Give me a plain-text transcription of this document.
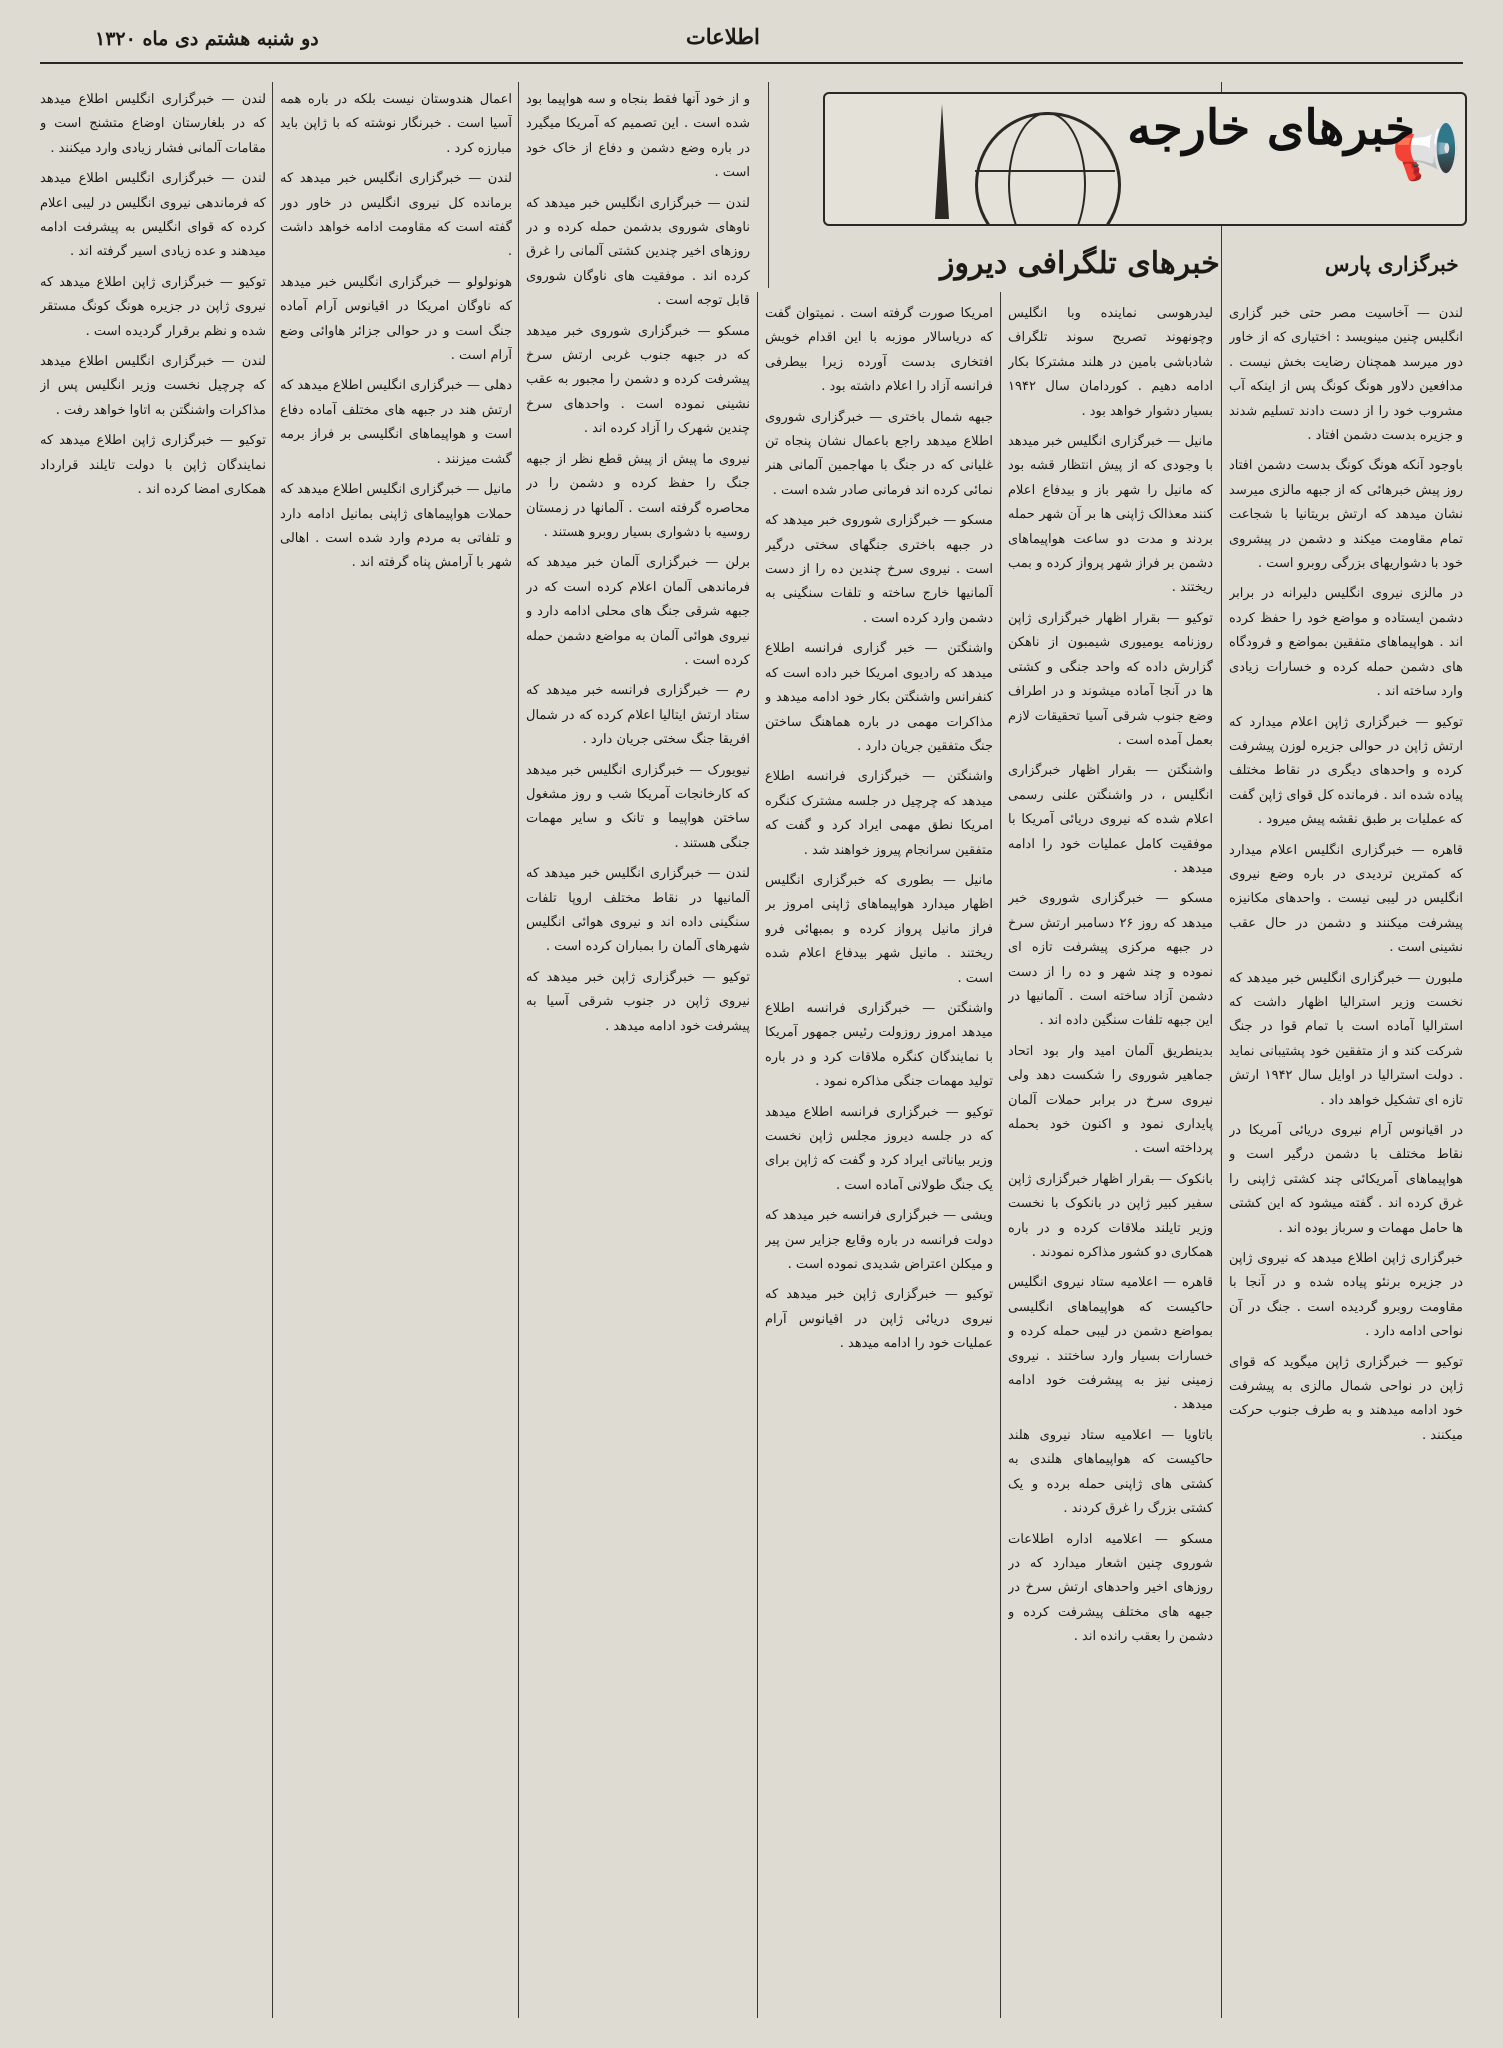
دو شنبه هشتم دی ماه ۱۳۲۰	اطلاعات
📢
خبرهای خارجه
خبرهای تلگرافی دیروز	خبرگزاری پارس

لندن — آخاسیت مصر حتی خبر گزاری انگلیس چنین مینویسد : اختیاری که از خاور دور میرسد همچنان رضایت بخش نیست . مدافعین دلاور هونگ کونگ پس از اینکه آب مشروب خود را از دست دادند تسلیم شدند و جزیره بدست دشمن افتاد .

باوجود آنکه هونگ کونگ بدست دشمن افتاد روز پیش خبرهائی که از جبهه مالزی میرسد نشان میدهد که ارتش بریتانیا با شجاعت تمام مقاومت میکند و دشمن در پیشروی خود با دشواریهای بزرگی روبرو است .

در مالزی نیروی انگلیس دلیرانه در برابر دشمن ایستاده و مواضع خود را حفظ کرده اند . هواپیماهای متفقین بمواضع و فرودگاه های دشمن حمله کرده و خسارات زیادی وارد ساخته اند .

توکیو — خبرگزاری ژاپن اعلام میدارد که ارتش ژاپن در حوالی جزیره لوزن پیشرفت کرده و واحدهای دیگری در نقاط مختلف پیاده شده اند . فرمانده کل قوای ژاپن گفت که عملیات بر طبق نقشه پیش میرود .

قاهره — خبرگزاری انگلیس اعلام میدارد که کمترین تردیدی در باره وضع نیروی انگلیس در لیبی نیست . واحدهای مکانیزه پیشرفت میکنند و دشمن در حال عقب نشینی است .

ملبورن — خبرگزاری انگلیس خبر میدهد که نخست وزیر استرالیا اظهار داشت که استرالیا آماده است با تمام قوا در جنگ شرکت کند و از متفقین خود پشتیبانی نماید . دولت استرالیا در اوایل سال ۱۹۴۲ ارتش تازه ای تشکیل خواهد داد .

در اقیانوس آرام نیروی دریائی آمریکا در نقاط مختلف با دشمن درگیر است و هواپیماهای آمریکائی چند کشتی ژاپنی را غرق کرده اند . گفته میشود که این کشتی ها حامل مهمات و سرباز بوده اند .

خبرگزاری ژاپن اطلاع میدهد که نیروی ژاپن در جزیره برنئو پیاده شده و در آنجا با مقاومت روبرو گردیده است . جنگ در آن نواحی ادامه دارد .

توکیو — خبرگزاری ژاپن میگوید که قوای ژاپن در نواحی شمال مالزی به پیشرفت خود ادامه میدهند و به طرف جنوب حرکت میکنند .

لیدرهوسی نماینده وبا انگلیس وچونهوند تصریح سوند تلگراف شادباشی بامین در هلند مشترکا بکار ادامه دهیم . کوردامان سال ۱۹۴۲ بسیار دشوار خواهد بود .

مانیل — خبرگزاری انگلیس خبر میدهد با وجودی که از پیش انتظار قشه بود که مانیل را شهر باز و بیدفاع اعلام کنند معذالک ژاپنی ها بر آن شهر حمله بردند و مدت دو ساعت هواپیماهای دشمن بر فراز شهر پرواز کرده و بمب ریختند .

توکیو — بقرار اظهار خبرگزاری ژاپن روزنامه یومیوری شیمبون از ناهکن گزارش داده که واحد جنگی و کشتی ها در آنجا آماده میشوند و در اطراف وضع جنوب شرقی آسیا تحقیقات لازم بعمل آمده است .

واشنگتن — بقرار اظهار خبرگزاری انگلیس ، در واشنگتن علنی رسمی اعلام شده که نیروی دریائی آمریکا با موفقیت کامل عملیات خود را ادامه میدهد .

مسکو — خبرگزاری شوروی خبر میدهد که روز ۲۶ دسامبر ارتش سرخ در جبهه مرکزی پیشرفت تازه ای نموده و چند شهر و ده را از دست دشمن آزاد ساخته است . آلمانیها در این جبهه تلفات سنگین داده اند .

بدینطریق آلمان امید وار بود اتحاد جماهیر شوروی را شکست دهد ولی نیروی سرخ در برابر حملات آلمان پایداری نمود و اکنون خود بحمله پرداخته است .

بانکوک — بقرار اظهار خبرگزاری ژاپن سفیر کبیر ژاپن در بانکوک با نخست وزیر تایلند ملاقات کرده و در باره همکاری دو کشور مذاکره نمودند .

قاهره — اعلامیه ستاد نیروی انگلیس حاکیست که هواپیماهای انگلیسی بمواضع دشمن در لیبی حمله کرده و خسارات بسیار وارد ساختند . نیروی زمینی نیز به پیشرفت خود ادامه میدهد .

باتاویا — اعلامیه ستاد نیروی هلند حاکیست که هواپیماهای هلندی به کشتی های ژاپنی حمله برده و یک کشتی بزرگ را غرق کردند .

مسکو — اعلامیه اداره اطلاعات شوروی چنین اشعار میدارد که در روزهای اخیر واحدهای ارتش سرخ در جبهه های مختلف پیشرفت کرده و دشمن را بعقب رانده اند .

امریکا صورت گرفته است . نمیتوان گفت که دریاسالار موزبه با این اقدام خویش افتخاری بدست آورده زیرا بیطرفی فرانسه آزاد را اعلام داشته بود .

جبهه شمال باختری — خبرگزاری شوروی اطلاع میدهد راجع باعمال نشان پنجاه تن غلیانی که در جنگ با مهاجمین آلمانی هنر نمائی کرده اند فرمانی صادر شده است .

مسکو — خبرگزاری شوروی خبر میدهد که در جبهه باختری جنگهای سختی درگیر است . نیروی سرخ چندین ده را از دست آلمانیها خارج ساخته و تلفات سنگینی به دشمن وارد کرده است .

واشنگتن — خبر گزاری فرانسه اطلاع میدهد که رادیوی امریکا خبر داده است که کنفرانس واشنگتن بکار خود ادامه میدهد و مذاکرات مهمی در باره هماهنگ ساختن جنگ متفقین جریان دارد .

واشنگتن — خبرگزاری فرانسه اطلاع میدهد که چرچیل در جلسه مشترک کنگره امریکا نطق مهمی ایراد کرد و گفت که متفقین سرانجام پیروز خواهند شد .

مانیل — بطوری که خبرگزاری انگلیس اظهار میدارد هواپیماهای ژاپنی امروز بر فراز مانیل پرواز کرده و بمبهائی فرو ریختند . مانیل شهر بیدفاع اعلام شده است .

واشنگتن — خبرگزاری فرانسه اطلاع میدهد امروز روزولت رئیس جمهور آمریکا با نمایندگان کنگره ملاقات کرد و در باره تولید مهمات جنگی مذاکره نمود .

توکیو — خبرگزاری فرانسه اطلاع میدهد که در جلسه دیروز مجلس ژاپن نخست وزیر بیاناتی ایراد کرد و گفت که ژاپن برای یک جنگ طولانی آماده است .

ویشی — خبرگزاری فرانسه خبر میدهد که دولت فرانسه در باره وقایع جزایر سن پیر و میکلن اعتراض شدیدی نموده است .

توکیو — خبرگزاری ژاپن خبر میدهد که نیروی دریائی ژاپن در اقیانوس آرام عملیات خود را ادامه میدهد .

و از خود آنها فقط بنجاه و سه هواپیما بود شده است . این تصمیم که آمریکا میگیرد در باره وضع دشمن و دفاع از خاک خود است .

لندن — خبرگزاری انگلیس خبر میدهد که ناوهای شوروی بدشمن حمله کرده و در روزهای اخیر چندین کشتی آلمانی را غرق کرده اند . موفقیت های ناوگان شوروی قابل توجه است .

مسکو — خبرگزاری شوروی خبر میدهد که در جبهه جنوب غربی ارتش سرخ پیشرفت کرده و دشمن را مجبور به عقب نشینی نموده است . واحدهای سرخ چندین شهرک را آزاد کرده اند .

نیروی ما پیش از پیش قطع نظر از جبهه جنگ را حفظ کرده و دشمن را در محاصره گرفته است . آلمانها در زمستان روسیه با دشواری بسیار روبرو هستند .

برلن — خبرگزاری آلمان خبر میدهد که فرماندهی آلمان اعلام کرده است که در جبهه شرقی جنگ های محلی ادامه دارد و نیروی هوائی آلمان به مواضع دشمن حمله کرده است .

رم — خبرگزاری فرانسه خبر میدهد که ستاد ارتش ایتالیا اعلام کرده که در شمال افریقا جنگ سختی جریان دارد .

نیویورک — خبرگزاری انگلیس خبر میدهد که کارخانجات آمریکا شب و روز مشغول ساختن هواپیما و تانک و سایر مهمات جنگی هستند .

لندن — خبرگزاری انگلیس خبر میدهد که آلمانیها در نقاط مختلف اروپا تلفات سنگینی داده اند و نیروی هوائی انگلیس شهرهای آلمان را بمباران کرده است .

توکیو — خبرگزاری ژاپن خبر میدهد که نیروی ژاپن در جنوب شرقی آسیا به پیشرفت خود ادامه میدهد .

اعمال هندوستان نیست بلکه در باره همه آسیا است . خبرنگار نوشته که با ژاپن باید مبارزه کرد .

لندن — خبرگزاری انگلیس خبر میدهد که برمانده کل نیروی انگلیس در خاور دور گفته است که مقاومت ادامه خواهد داشت .

هونولولو — خبرگزاری انگلیس خبر میدهد که ناوگان امریکا در اقیانوس آرام آماده جنگ است و در حوالی جزائر هاوائی وضع آرام است .

دهلی — خبرگزاری انگلیس اطلاع میدهد که ارتش هند در جبهه های مختلف آماده دفاع است و هواپیماهای انگلیسی بر فراز برمه گشت میزنند .

مانیل — خبرگزاری انگلیس اطلاع میدهد که حملات هواپیماهای ژاپنی بمانیل ادامه دارد و تلفاتی به مردم وارد شده است . اهالی شهر با آرامش پناه گرفته اند .

لندن — خبرگزاری انگلیس اطلاع میدهد که در بلغارستان اوضاع متشنج است و مقامات آلمانی فشار زیادی وارد میکنند .

لندن — خبرگزاری انگلیس اطلاع میدهد که فرماندهی نیروی انگلیس در لیبی اعلام کرده که قوای انگلیس به پیشرفت ادامه میدهند و عده زیادی اسیر گرفته اند .

توکیو — خبرگزاری ژاپن اطلاع میدهد که نیروی ژاپن در جزیره هونگ کونگ مستقر شده و نظم برقرار گردیده است .

لندن — خبرگزاری انگلیس اطلاع میدهد که چرچیل نخست وزیر انگلیس پس از مذاکرات واشنگتن به اتاوا خواهد رفت .

توکیو — خبرگزاری ژاپن اطلاع میدهد که نمایندگان ژاپن با دولت تایلند قرارداد همکاری امضا کرده اند .
